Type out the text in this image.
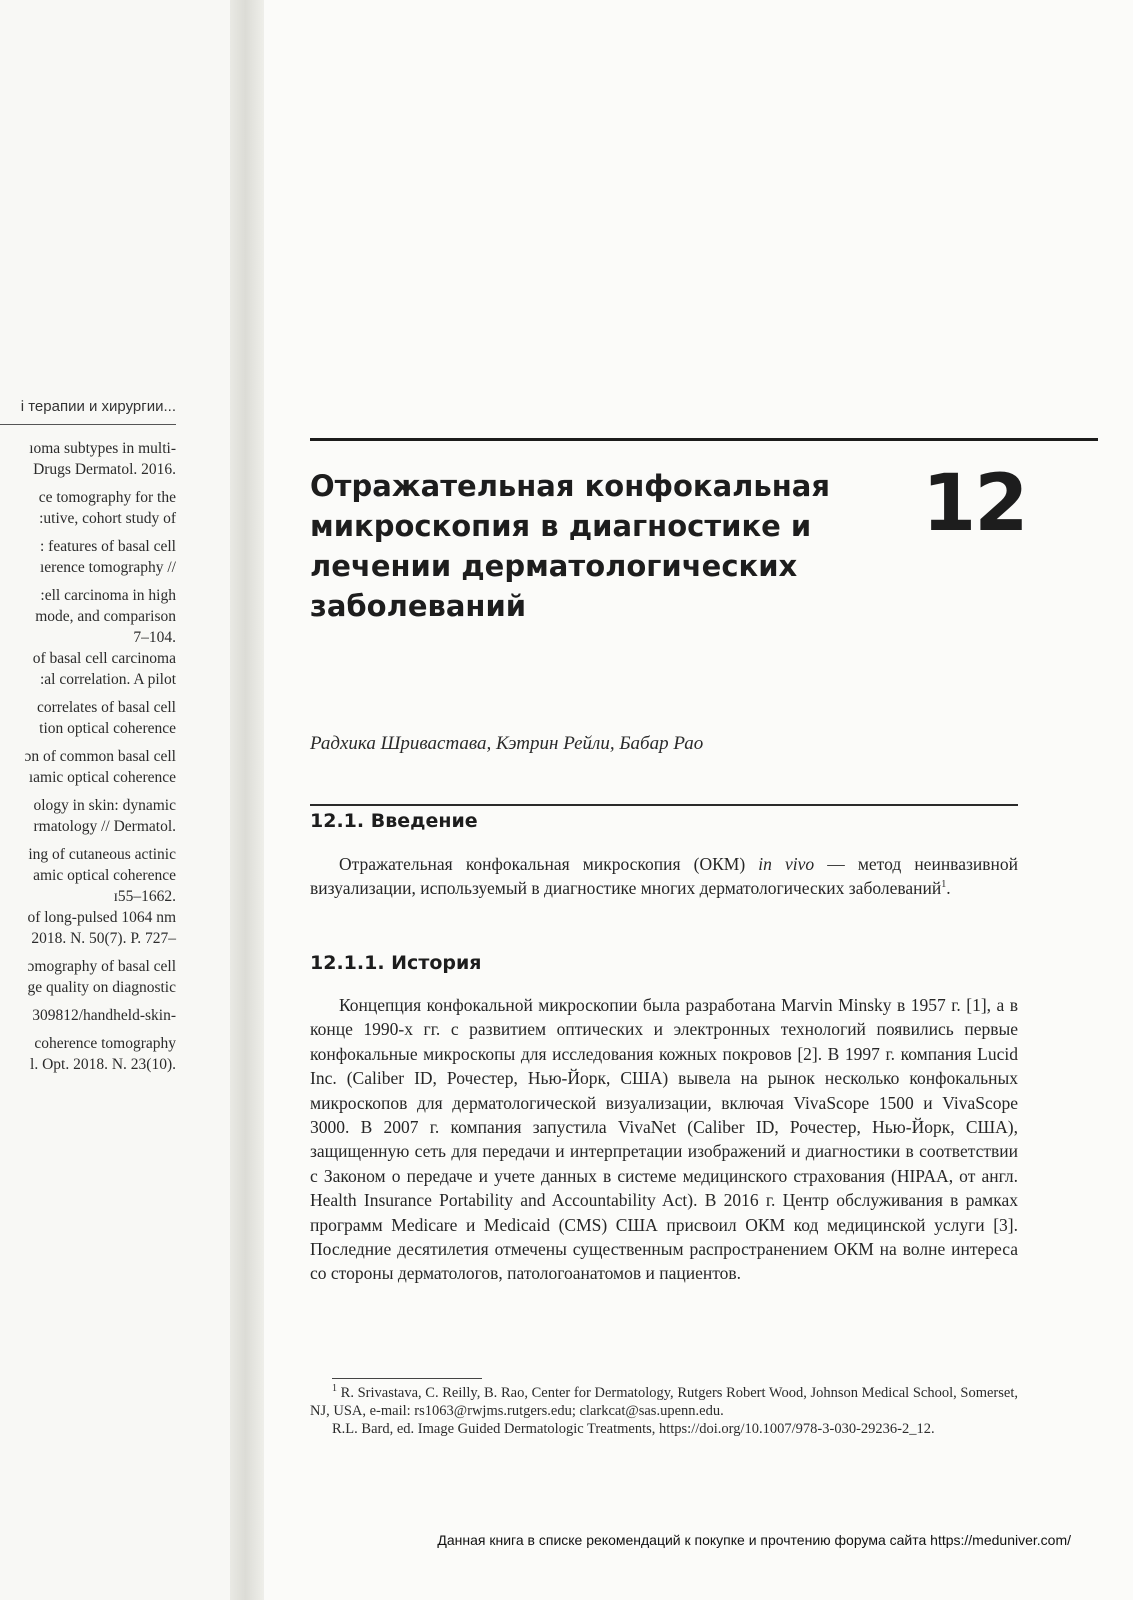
і терапии и хирургии...
ıoma subtypes in multi-
Drugs Dermatol. 2016.
ce tomography for the
:utive, cohort study of
: features of basal cell
ıerence tomography //
:ell carcinoma in high
mode, and comparison
7–104.
of basal cell carcinoma
:al correlation. A pilot
correlates of basal cell
tion optical coherence
ɔn of common basal cell
ıamic optical coherence
ology in skin: dynamic
rmatology // Dermatol.
ing of cutaneous actinic
amic optical coherence
ɪ55–1662.
of long-pulsed 1064 nm
2018. N. 50(7). P. 727–
ɔmography of basal cell
ge quality on diagnostic
309812/handheld-skin-
coherence tomography
l. Opt. 2018. N. 23(10).
Отражательная конфокальная микроскопия в диагностике и лечении дерматологических заболеваний
12
Радхика Шривастава, Кэтрин Рейли, Бабар Рао
12.1. Введение

Отражательная конфокальная микроскопия (ОКМ) in vivo — метод неинвазивной визуализации, используемый в диагностике многих дерматологических заболеваний$^1$.

12.1.1. История

Концепция конфокальной микроскопии была разработана Marvin Minsky в 1957 г. [1], а в конце 1990-х гг. с развитием оптических и электронных технологий появились первые конфокальные микроскопы для исследования кожных покровов [2]. В 1997 г. компания Lucid Inc. (Caliber ID, Рочестер, Нью-Йорк, США) вывела на рынок несколько конфокальных микроскопов для дерматологической визуализации, включая VivaScope 1500 и VivaScope 3000. В 2007 г. компания запустила VivaNet (Caliber ID, Рочестер, Нью-Йорк, США), защищенную сеть для передачи и интерпретации изображений и диагностики в соответствии с Законом о передаче и учете данных в системе медицинского страхования (HIPAA, от англ. Health Insurance Portability and Accountability Act). В 2016 г. Центр обслуживания в рамках программ Medicare и Medicaid (CMS) США присвоил ОКМ код медицинской услуги [3]. Последние десятилетия отмечены существенным распространением ОКМ на волне интереса со стороны дерматологов, патологоанатомов и пациентов.

$^1$ R. Srivastava, C. Reilly, B. Rao, Center for Dermatology, Rutgers Robert Wood, Johnson Medical School, Somerset, NJ, USA, e-mail: rs1063@rwjms.rutgers.edu; clarkcat@sas.upenn.edu.

R.L. Bard, ed. Image Guided Dermatologic Treatments, https://doi.org/10.1007/978-3-030-29236-2_12.

Данная книга в списке рекомендаций к покупке и прочтению форума сайта https://meduniver.com/
